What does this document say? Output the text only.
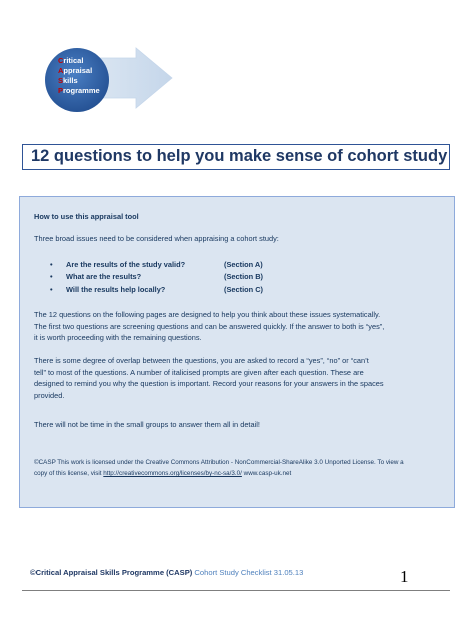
Critical
Appraisal
Skills
Programme
12 questions to help you make sense of cohort study
How to use this appraisal tool
Three broad issues need to be considered when appraising a cohort study:
• Are the results of the study valid?	(Section A)
• What are the results?	(Section B)
• Will the results help locally?	(Section C)
The 12 questions on the following pages are designed to help you think about these issues systematically.
The first two questions are screening questions and can be answered quickly. If the answer to both is “yes”,
it is worth proceeding with the remaining questions.
There is some degree of overlap between the questions, you are asked to record a “yes”, “no” or “can’t
tell” to most of the questions. A number of italicised prompts are given after each question. These are
designed to remind you why the question is important. Record your reasons for your answers in the spaces
provided.
There will not be time in the small groups to answer them all in detail!
©CASP This work is licensed under the Creative Commons Attribution - NonCommercial-ShareAlike 3.0 Unported License. To view a
copy of this license, visit http://creativecommons.org/licenses/by-nc-sa/3.0/ www.casp-uk.net
©Critical Appraisal Skills Programme (CASP) Cohort Study Checklist 31.05.13	1
